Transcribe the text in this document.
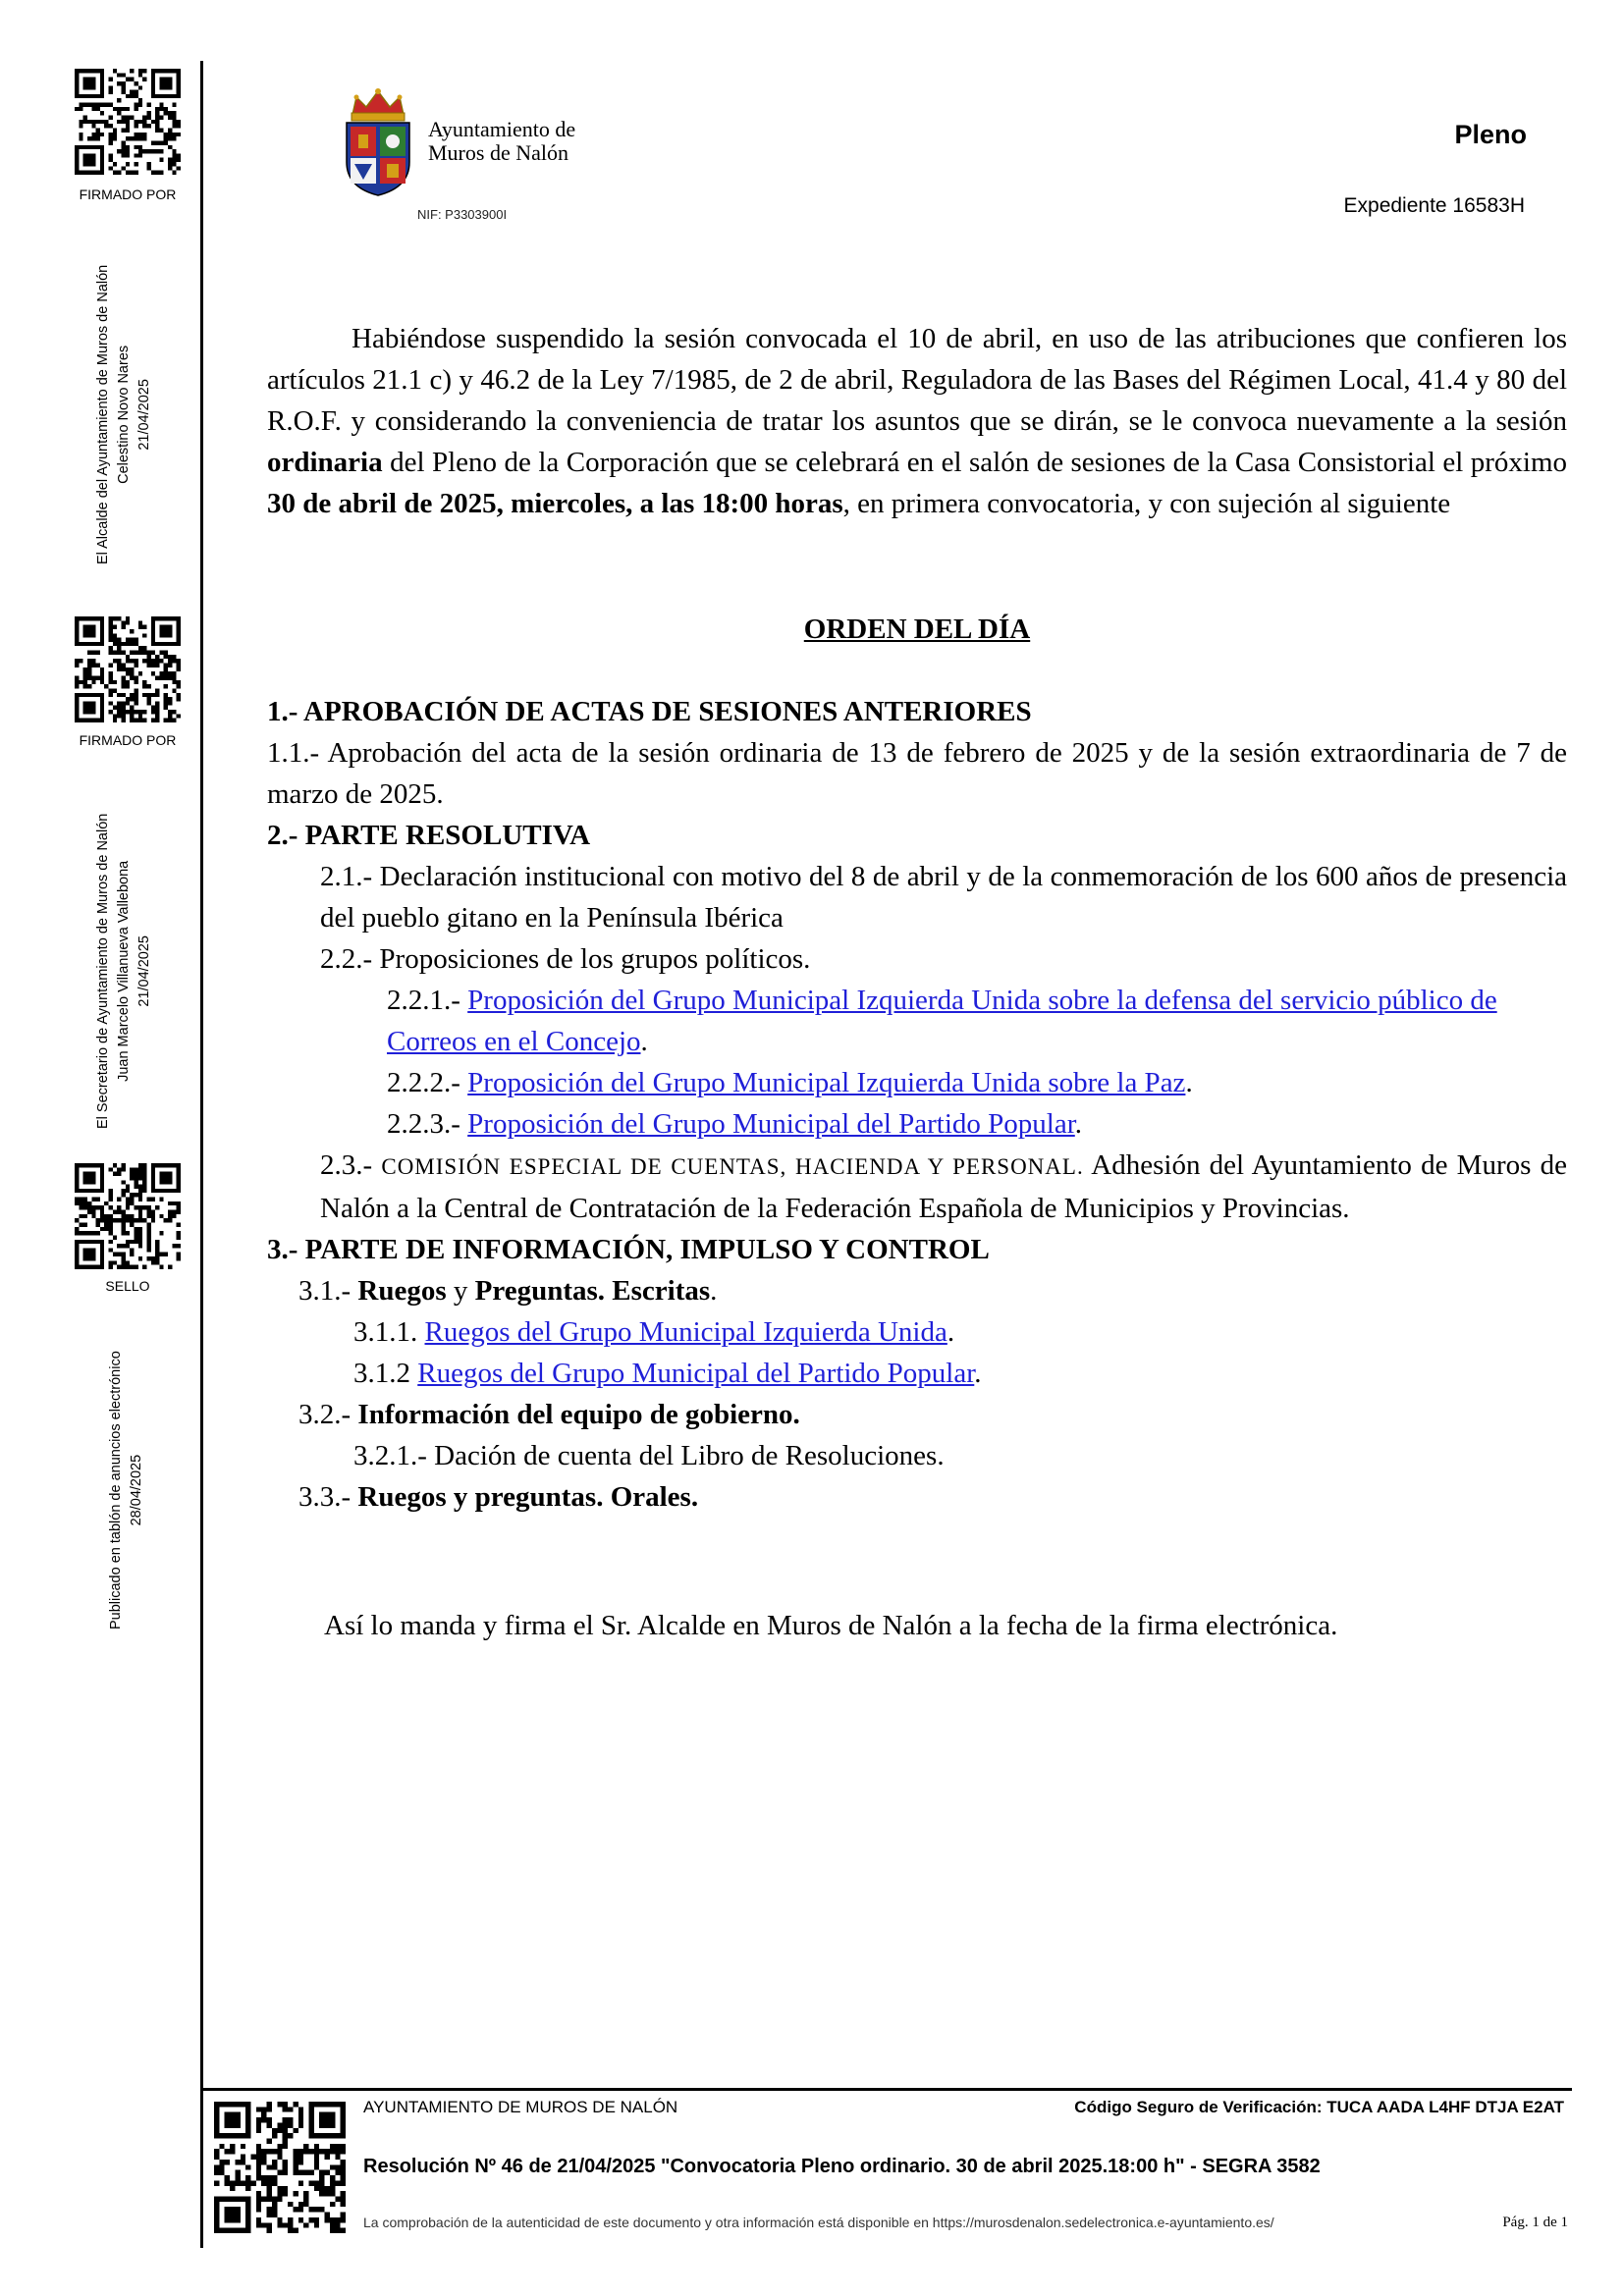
FIRMADO POR
El Alcalde del Ayuntamiento de Muros de Nalón Celestino Novo Nares 21/04/2025
FIRMADO POR
El Secretario de Ayuntamiento de Muros de Nalón Juan Marcelo Villanueva Vallebona 21/04/2025
SELLO
Publicado en tablón de anuncios electrónico 28/04/2025
Ayuntamiento de
Muros de Nalón
NIF: P3303900I
Pleno
Expediente 16583H

Habiéndose suspendido la sesión convocada el 10 de abril, en uso de las atribuciones que confieren los artículos 21.1 c) y 46.2 de la Ley 7/1985, de 2 de abril, Reguladora de las Bases del Régimen Local, 41.4 y 80 del R.O.F. y considerando la conveniencia de tratar los asuntos que se dirán, se le convoca nuevamente a la sesión ordinaria del Pleno de la Corporación que se celebrará en el salón de sesiones de la Casa Consistorial el próximo 30 de abril de 2025, miercoles, a las 18:00 horas, en primera convocatoria, y con sujeción al siguiente

ORDEN DEL DÍA

1.- APROBACIÓN DE ACTAS DE SESIONES ANTERIORES

1.1.- Aprobación del acta de la sesión ordinaria de 13 de febrero de 2025 y de la sesión extraordinaria de 7 de marzo de 2025.

2.- PARTE RESOLUTIVA

2.1.- Declaración institucional con motivo del 8 de abril y de la conmemoración de los 600 años de presencia del pueblo gitano en la Península Ibérica

2.2.- Proposiciones de los grupos políticos.

2.2.1.- Proposición del Grupo Municipal Izquierda Unida sobre la defensa del servicio público de Correos en el Concejo.

2.2.2.- Proposición del Grupo Municipal Izquierda Unida sobre la Paz.

2.2.3.- Proposición del Grupo Municipal del Partido Popular.

2.3.- COMISIÓN ESPECIAL DE CUENTAS, HACIENDA Y PERSONAL. Adhesión del Ayuntamiento de Muros de Nalón a la Central de Contratación de la Federación Española de Municipios y Provincias.

3.- PARTE DE INFORMACIÓN, IMPULSO Y CONTROL

3.1.- Ruegos y Preguntas. Escritas.

3.1.1. Ruegos del Grupo Municipal Izquierda Unida.

3.1.2 Ruegos del Grupo Municipal del Partido Popular.

3.2.- Información del equipo de gobierno.

3.2.1.- Dación de cuenta del Libro de Resoluciones.

3.3.- Ruegos y preguntas. Orales.

Así lo manda y firma el Sr. Alcalde en Muros de Nalón a la fecha de la firma electrónica.

AYUNTAMIENTO DE MUROS DE NALÓN	Código Seguro de Verificación: TUCA AADA L4HF DTJA E2AT
Resolución Nº 46 de 21/04/2025 "Convocatoria Pleno ordinario. 30 de abril 2025.18:00 h" - SEGRA 3582
La comprobación de la autenticidad de este documento y otra información está disponible en https://murosdenalon.sedelectronica.e-ayuntamiento.es/	Pág. 1 de 1
